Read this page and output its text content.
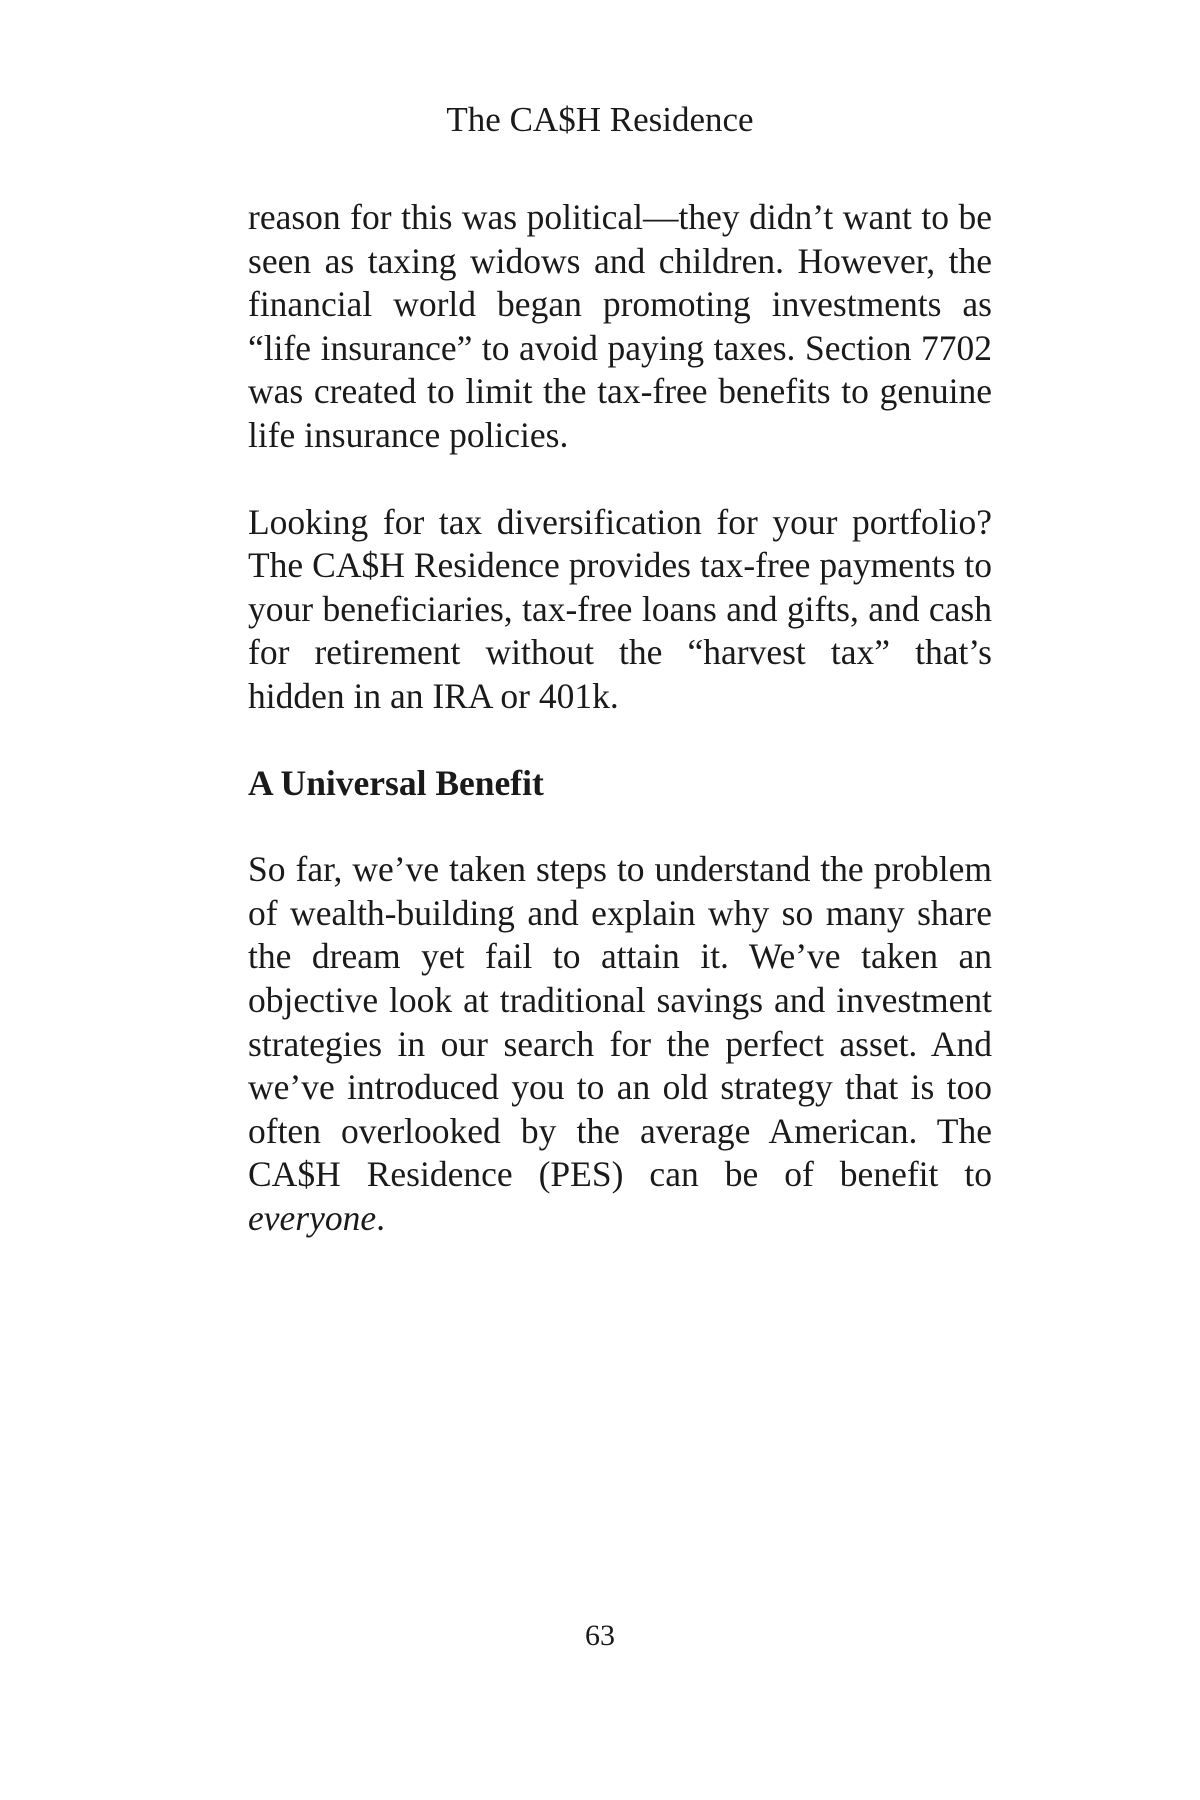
The CA$H Residence

reason for this was political—they didn’t want to be seen as taxing widows and children. However, the financial world began promoting investments as “life insurance” to avoid paying taxes. Section 7702 was created to limit the tax-free benefits to genuine life insurance policies.

Looking for tax diversification for your portfolio? The CA$H Residence provides tax-free payments to your beneficiaries, tax-free loans and gifts, and cash for retirement without the “harvest tax” that’s hidden in an IRA or 401k.

A Universal Benefit

So far, we’ve taken steps to understand the problem of wealth-building and explain why so many share the dream yet fail to attain it. We’ve taken an objective look at traditional savings and investment strategies in our search for the perfect asset. And we’ve introduced you to an old strategy that is too often overlooked by the average American. The CA$H Residence (PES) can be of benefit to everyone.

63
